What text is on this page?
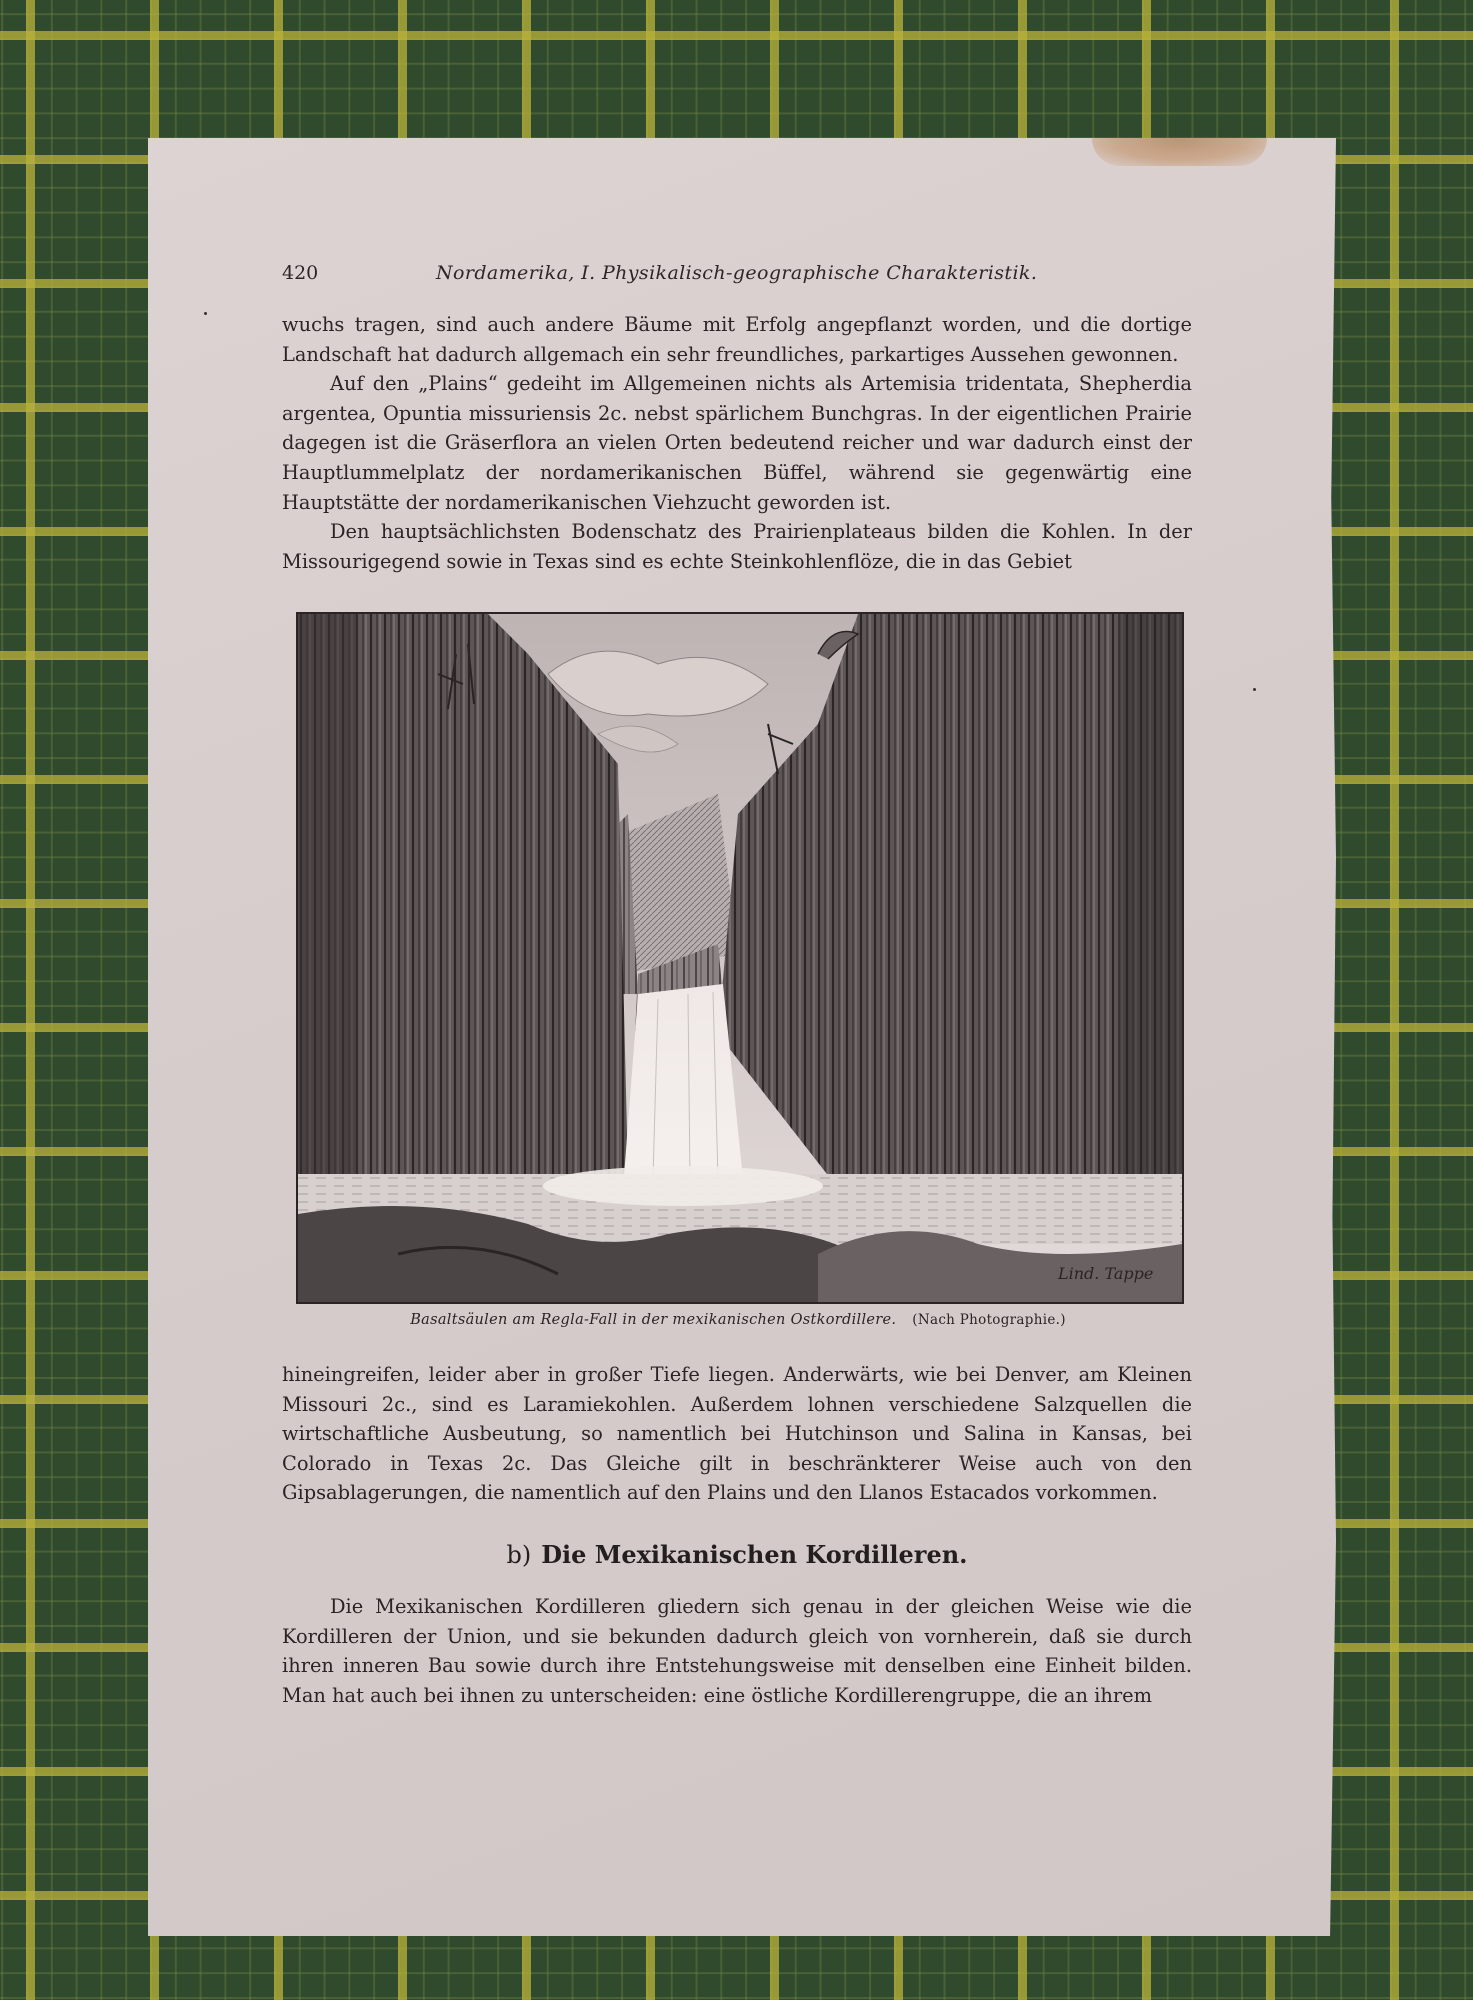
420	Nordamerika, I. Physikalisch-geographische Charakteristik.

wuchs tragen, sind auch andere Bäume mit Erfolg angepflanzt worden, und die dortige Landschaft hat dadurch allgemach ein sehr freundliches, parkartiges Aussehen gewonnen.

Auf den „Plains“ gedeiht im Allgemeinen nichts als Artemisia tridentata, Shepherdia argentea, Opuntia missuriensis 2c. nebst spärlichem Bunchgras. In der eigentlichen Prairie dagegen ist die Gräserflora an vielen Orten bedeutend reicher und war dadurch einst der Hauptlummelplatz der nordamerikanischen Büffel, während sie gegenwärtig eine Hauptstätte der nordamerikanischen Viehzucht geworden ist.

Den hauptsächlichsten Bodenschatz des Prairienplateaus bilden die Kohlen. In der Missourigegend sowie in Texas sind es echte Steinkohlenflöze, die in das Gebiet

Lind. Tappe
Basaltsäulen am Regla-Fall in der mexikanischen Ostkordillere. (Nach Photographie.)

hineingreifen, leider aber in großer Tiefe liegen. Anderwärts, wie bei Denver, am Kleinen Missouri 2c., sind es Laramiekohlen. Außerdem lohnen verschiedene Salzquellen die wirtschaftliche Ausbeutung, so namentlich bei Hutchinson und Salina in Kansas, bei Colorado in Texas 2c. Das Gleiche gilt in beschränkterer Weise auch von den Gipsablagerungen, die namentlich auf den Plains und den Llanos Estacados vorkommen.

b) Die Mexikanischen Kordilleren.

Die Mexikanischen Kordilleren gliedern sich genau in der gleichen Weise wie die Kordilleren der Union, und sie bekunden dadurch gleich von vornherein, daß sie durch ihren inneren Bau sowie durch ihre Entstehungsweise mit denselben eine Einheit bilden. Man hat auch bei ihnen zu unterscheiden: eine östliche Kordillerengruppe, die an ihrem
